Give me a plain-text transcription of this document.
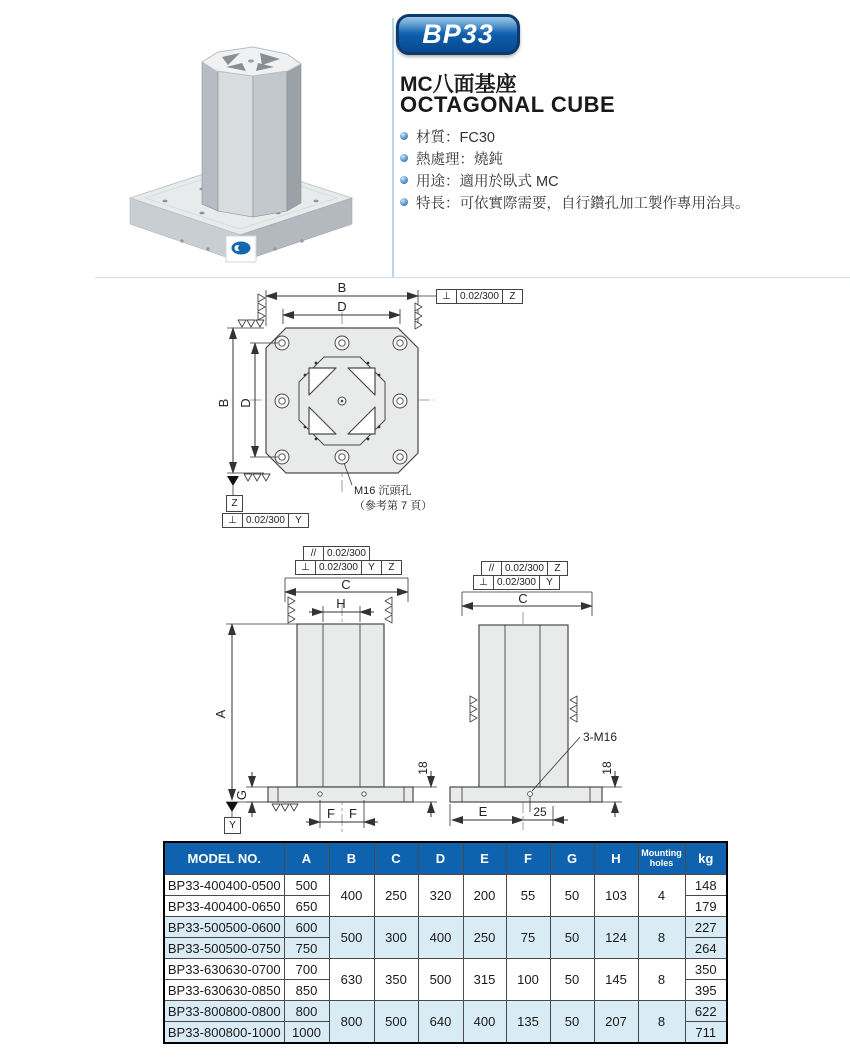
BP33
MC八面基座
OCTAGONAL CUBE
材質：FC30
熱處理：燒鈍
用途：適用於臥式 MC
特長：可依實際需要，自行鑽孔加工製作專用治具。
B
D
B D
C
H
A
G
F F
18
C
3-M16
18
E	25
⊥ 0.02/300	Z
Z
⊥ 0.02/300	Y
M16 沉頭孔
（參考第 7 頁）
//	0.02/300
⊥ 0.02/300	Y	Z
Y
//	0.02/300	Z
⊥ 0.02/300	Y
MODEL NO.	A	B	C	D	E	F	G	H	Mounting holes	kg
BP33-400400-0500	500	400	250	320	200	55	50	103	4	148
BP33-400400-0650	650									179
BP33-500500-0600	600	500	300	400	250	75	50	124	8	227
BP33-500500-0750	750									264
BP33-630630-0700	700	630	350	500	315	100	50	145	8	350
BP33-630630-0850	850									395
BP33-800800-0800	800	800	500	640	400	135	50	207	8	622
BP33-800800-1000	1000									711
